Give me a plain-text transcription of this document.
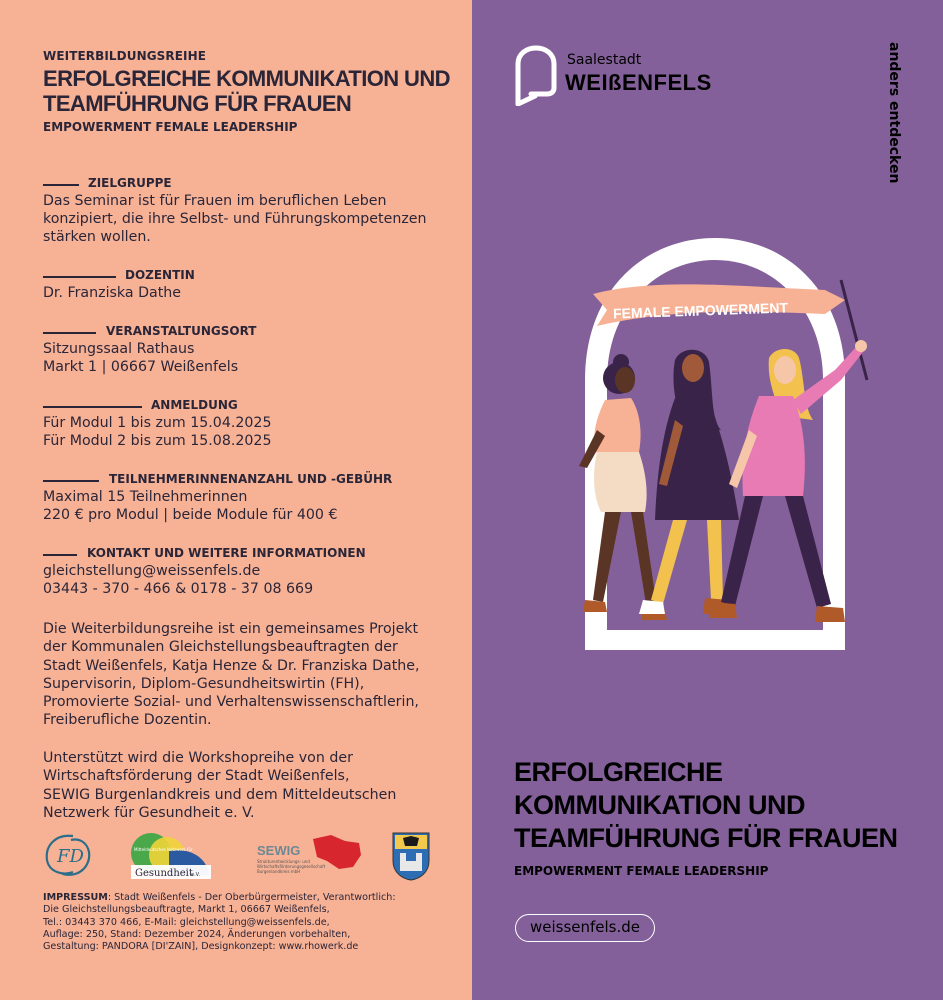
WEITERBILDUNGSREIHE
ERFOLGREICHE KOMMUNIKATION UND
TEAMFÜHRUNG FÜR FRAUEN
EMPOWERMENT FEMALE LEADERSHIP
ZIELGRUPPE
Das Seminar ist für Frauen im beruflichen Leben
konzipiert, die ihre Selbst- und Führungskompetenzen
stärken wollen.
DOZENTIN
Dr. Franziska Dathe
VERANSTALTUNGSORT
Sitzungssaal Rathaus
Markt 1 | 06667 Weißenfels
ANMELDUNG
Für Modul 1 bis zum 15.04.2025
Für Modul 2 bis zum 15.08.2025
TEILNEHMERINNENANZAHL UND -GEBÜHR
Maximal 15 Teilnehmerinnen
220 € pro Modul | beide Module für 400 €
KONTAKT UND WEITERE INFORMATIONEN
gleichstellung@weissenfels.de
03443 - 370 - 466 & 0178 - 37 08 669
Die Weiterbildungsreihe ist ein gemeinsames Projekt
der Kommunalen Gleichstellungsbeauftragten der
Stadt Weißenfels, Katja Henze & Dr. Franziska Dathe,
Supervisorin, Diplom-Gesundheitswirtin (FH),
Promovierte Sozial- und Verhaltenswissenschaftlerin,
Freiberufliche Dozentin.
Unterstützt wird die Workshopreihe von der
Wirtschaftsförderung der Stadt Weißenfels,
SEWIG Burgenlandkreis und dem Mitteldeutschen
Netzwerk für Gesundheit e. V.
FD	Mitteldeutsches Netzwerk für
Gesundheit
e.V.
SEWIG
Strukturentwicklungs- und
Wirtschaftsförderungsgesellschaft
Burgenlandkreis mbH
IMPRESSUM: Stadt Weißenfels - Der Oberbürgermeister, Verantwortlich:
Die Gleichstellungsbeauftragte, Markt 1, 06667 Weißenfels,
Tel.: 03443 370 466, E-Mail: gleichstellung@weissenfels.de,
Auflage: 250, Stand: Dezember 2024, Änderungen vorbehalten,
Gestaltung: PANDORA [DI'ZAIN], Designkonzept: www.rhowerk.de
Saalestadt
WEIßENFELS	anders entdecken
FEMALE EMPOWERMENT
ERFOLGREICHE
KOMMUNIKATION UND
TEAMFÜHRUNG FÜR FRAUEN
EMPOWERMENT FEMALE LEADERSHIP
weissenfels.de
